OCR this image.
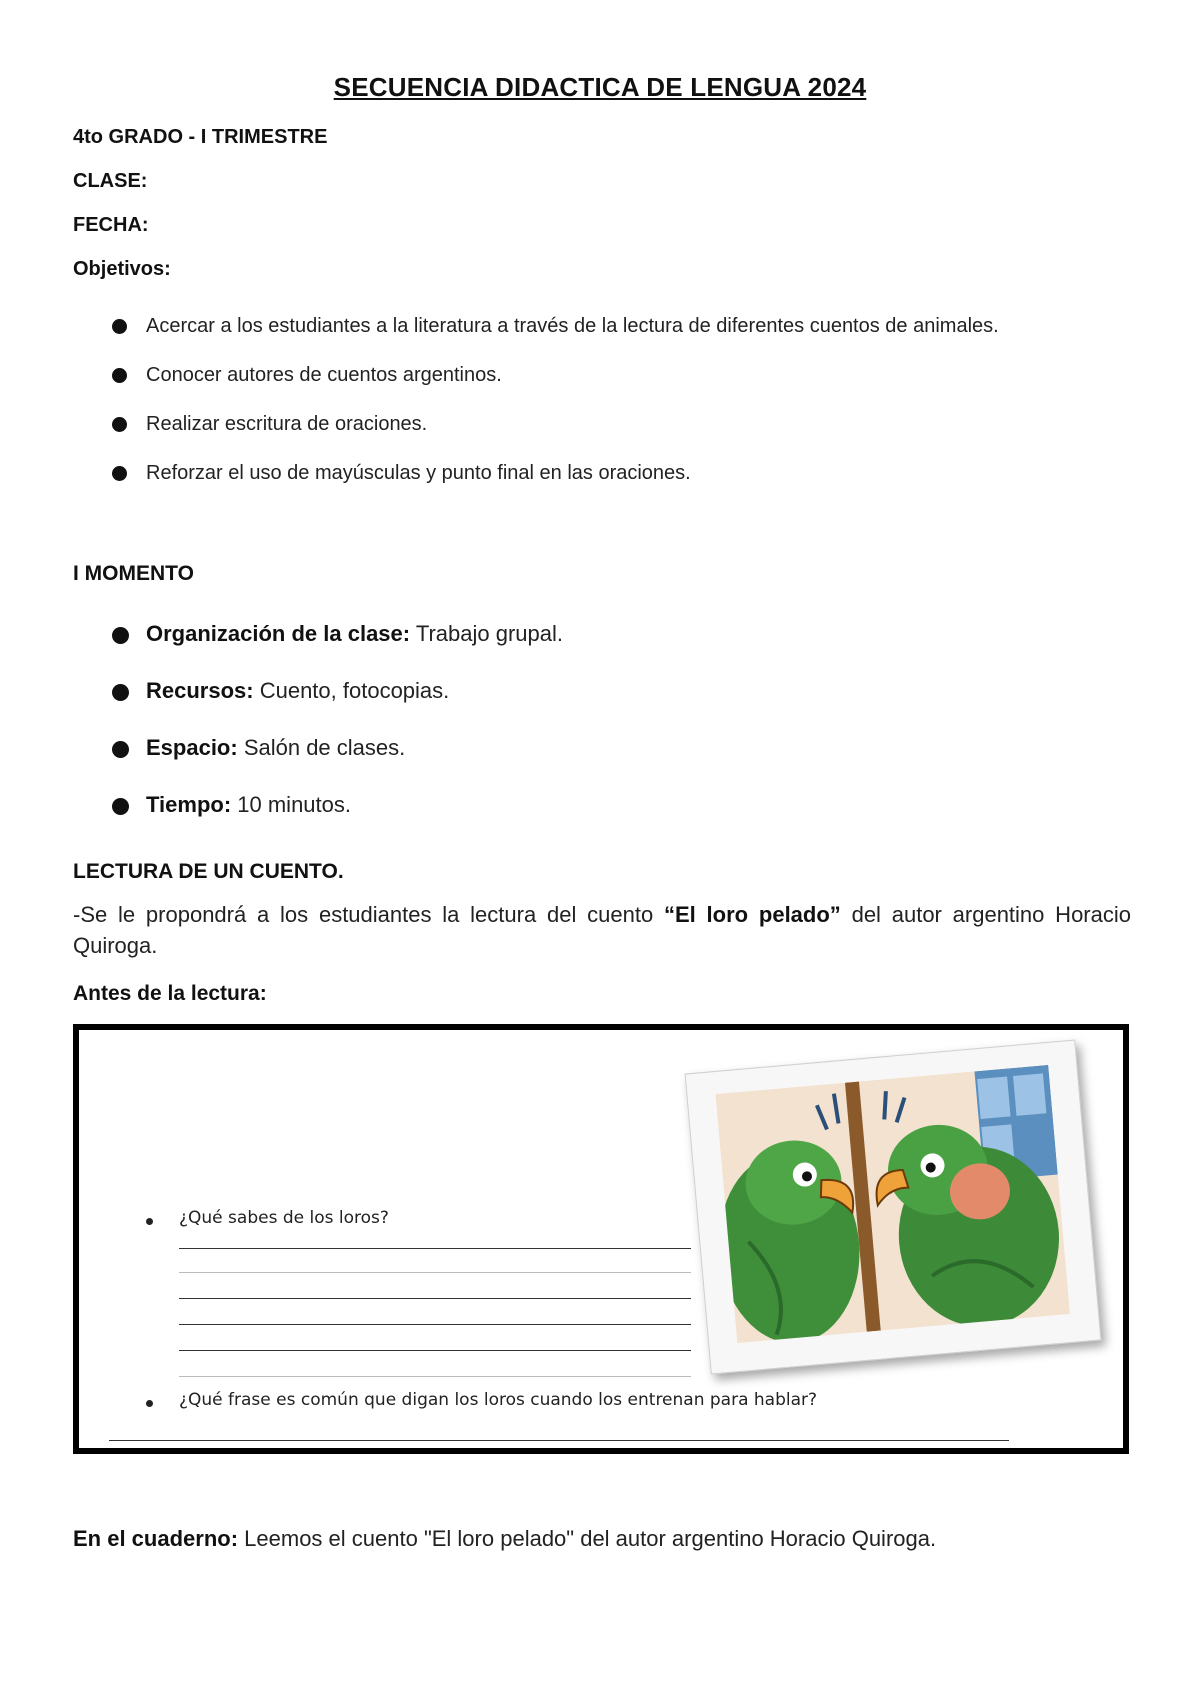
SECUENCIA DIDACTICA DE LENGUA 2024
4to GRADO - I TRIMESTRE
CLASE:
FECHA:
Objetivos:
Acercar a los estudiantes a la literatura a través de la lectura de diferentes cuentos de animales.
Conocer autores de cuentos argentinos.
Realizar escritura de oraciones.
Reforzar el uso de mayúsculas y punto final en las oraciones.
I MOMENTO
Organización de la clase: Trabajo grupal.
Recursos: Cuento, fotocopias.
Espacio: Salón de clases.
Tiempo: 10 minutos.
LECTURA DE UN CUENTO.
-Se le propondrá a los estudiantes la lectura del cuento “El loro pelado” del autor argentino Horacio Quiroga.
Antes de la lectura:
¿Qué sabes de los loros?
¿Qué frase es común que digan los loros cuando los entrenan para hablar?
En el cuaderno: Leemos el cuento "El loro pelado" del autor argentino Horacio Quiroga.
